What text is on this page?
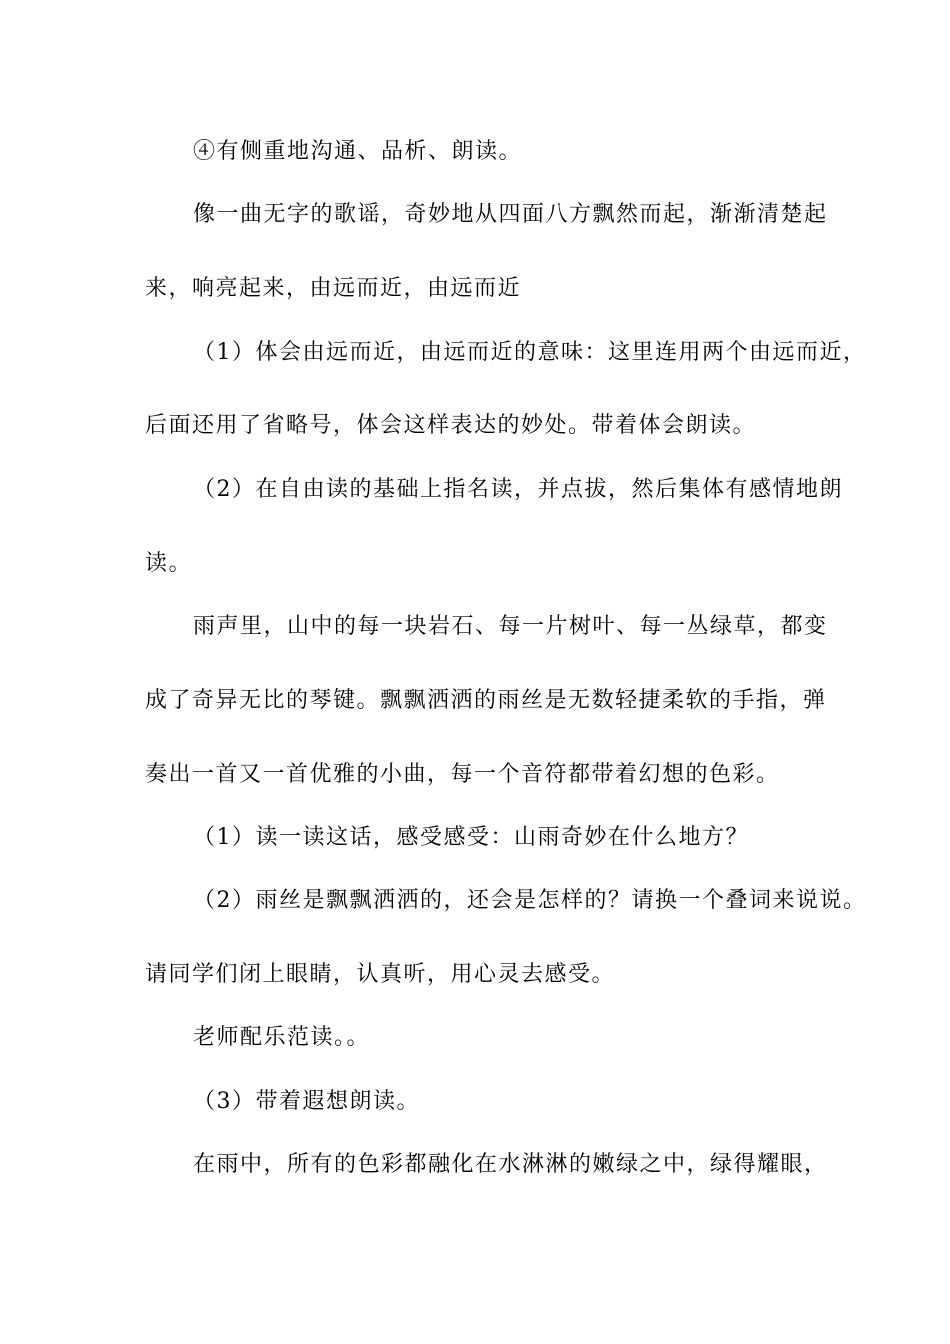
④有侧重地沟通、品析、朗读。
像一曲无字的歌谣，奇妙地从四面八方飘然而起，渐渐清楚起
来，响亮起来，由远而近，由远而近
（1）体会由远而近，由远而近的意味：这里连用两个由远而近，
后面还用了省略号，体会这样表达的妙处。带着体会朗读。
（2）在自由读的基础上指名读，并点拔，然后集体有感情地朗
读。
雨声里，山中的每一块岩石、每一片树叶、每一丛绿草，都变
成了奇异无比的琴键。飘飘洒洒的雨丝是无数轻捷柔软的手指，弹
奏出一首又一首优雅的小曲，每一个音符都带着幻想的色彩。
（1）读一读这话，感受感受：山雨奇妙在什么地方？
（2）雨丝是飘飘洒洒的，还会是怎样的？请换一个叠词来说说。
请同学们闭上眼睛，认真听，用心灵去感受。
老师配乐范读。。
（3）带着遐想朗读。
在雨中，所有的色彩都融化在水淋淋的嫩绿之中，绿得耀眼，
